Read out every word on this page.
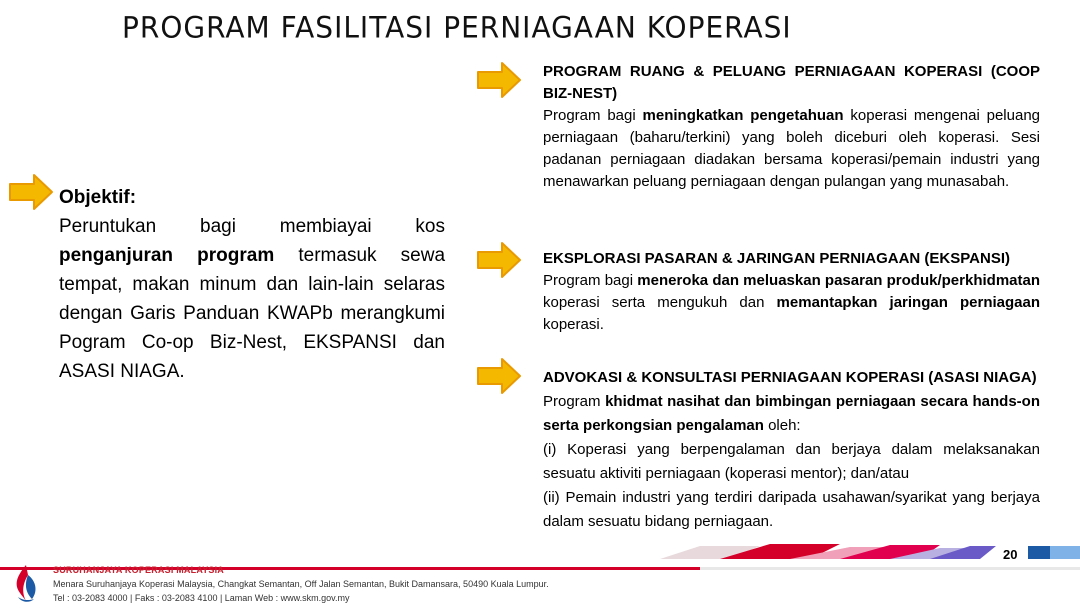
PROGRAM FASILITASI PERNIAGAAN KOPERASI
Objektif:
Peruntukan bagi membiayai kos penganjuran program termasuk sewa tempat, makan minum dan lain-lain selaras dengan Garis Panduan KWAPb merangkumi Pogram Co-op Biz-Nest, EKSPANSI dan ASASI NIAGA.
PROGRAM RUANG & PELUANG PERNIAGAAN KOPERASI (COOP BIZ-NEST)

Program bagi meningkatkan pengetahuan koperasi mengenai peluang perniagaan (baharu/terkini) yang boleh diceburi oleh koperasi. Sesi padanan perniagaan diadakan bersama koperasi/pemain industri yang menawarkan peluang perniagaan dengan pulangan yang munasabah.

EKSPLORASI PASARAN & JARINGAN PERNIAGAAN (EKSPANSI)

Program bagi meneroka dan meluaskan pasaran produk/perkhidmatan koperasi serta mengukuh dan memantapkan jaringan perniagaan koperasi.

ADVOKASI & KONSULTASI PERNIAGAAN KOPERASI (ASASI NIAGA)

Program khidmat nasihat dan bimbingan perniagaan secara hands-on serta perkongsian pengalaman oleh:

(i) Koperasi yang berpengalaman dan berjaya dalam melaksanakan sesuatu aktiviti perniagaan (koperasi mentor); dan/atau

(ii) Pemain industri yang terdiri daripada usahawan/syarikat yang berjaya dalam sesuatu bidang perniagaan.

20
SURUHANJAYA KOPERASI MALAYSIA
Menara Suruhanjaya Koperasi Malaysia, Changkat Semantan, Off Jalan Semantan, Bukit Damansara, 50490 Kuala Lumpur.
Tel : 03-2083 4000 | Faks : 03-2083 4100 | Laman Web : www.skm.gov.my
